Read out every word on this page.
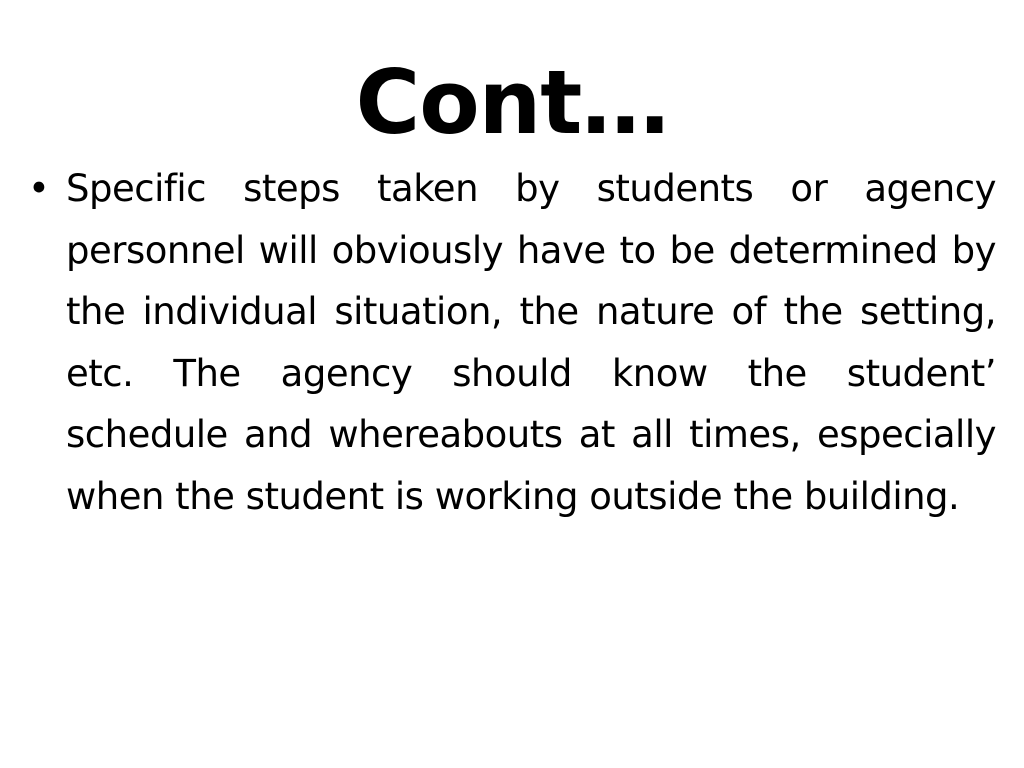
Cont…
• Specific steps taken by students or agency personnel will obviously have to be determined by the individual situation, the nature of the setting, etc. The agency should know the student’ schedule and whereabouts at all times, especially when the student is working outside the building.
